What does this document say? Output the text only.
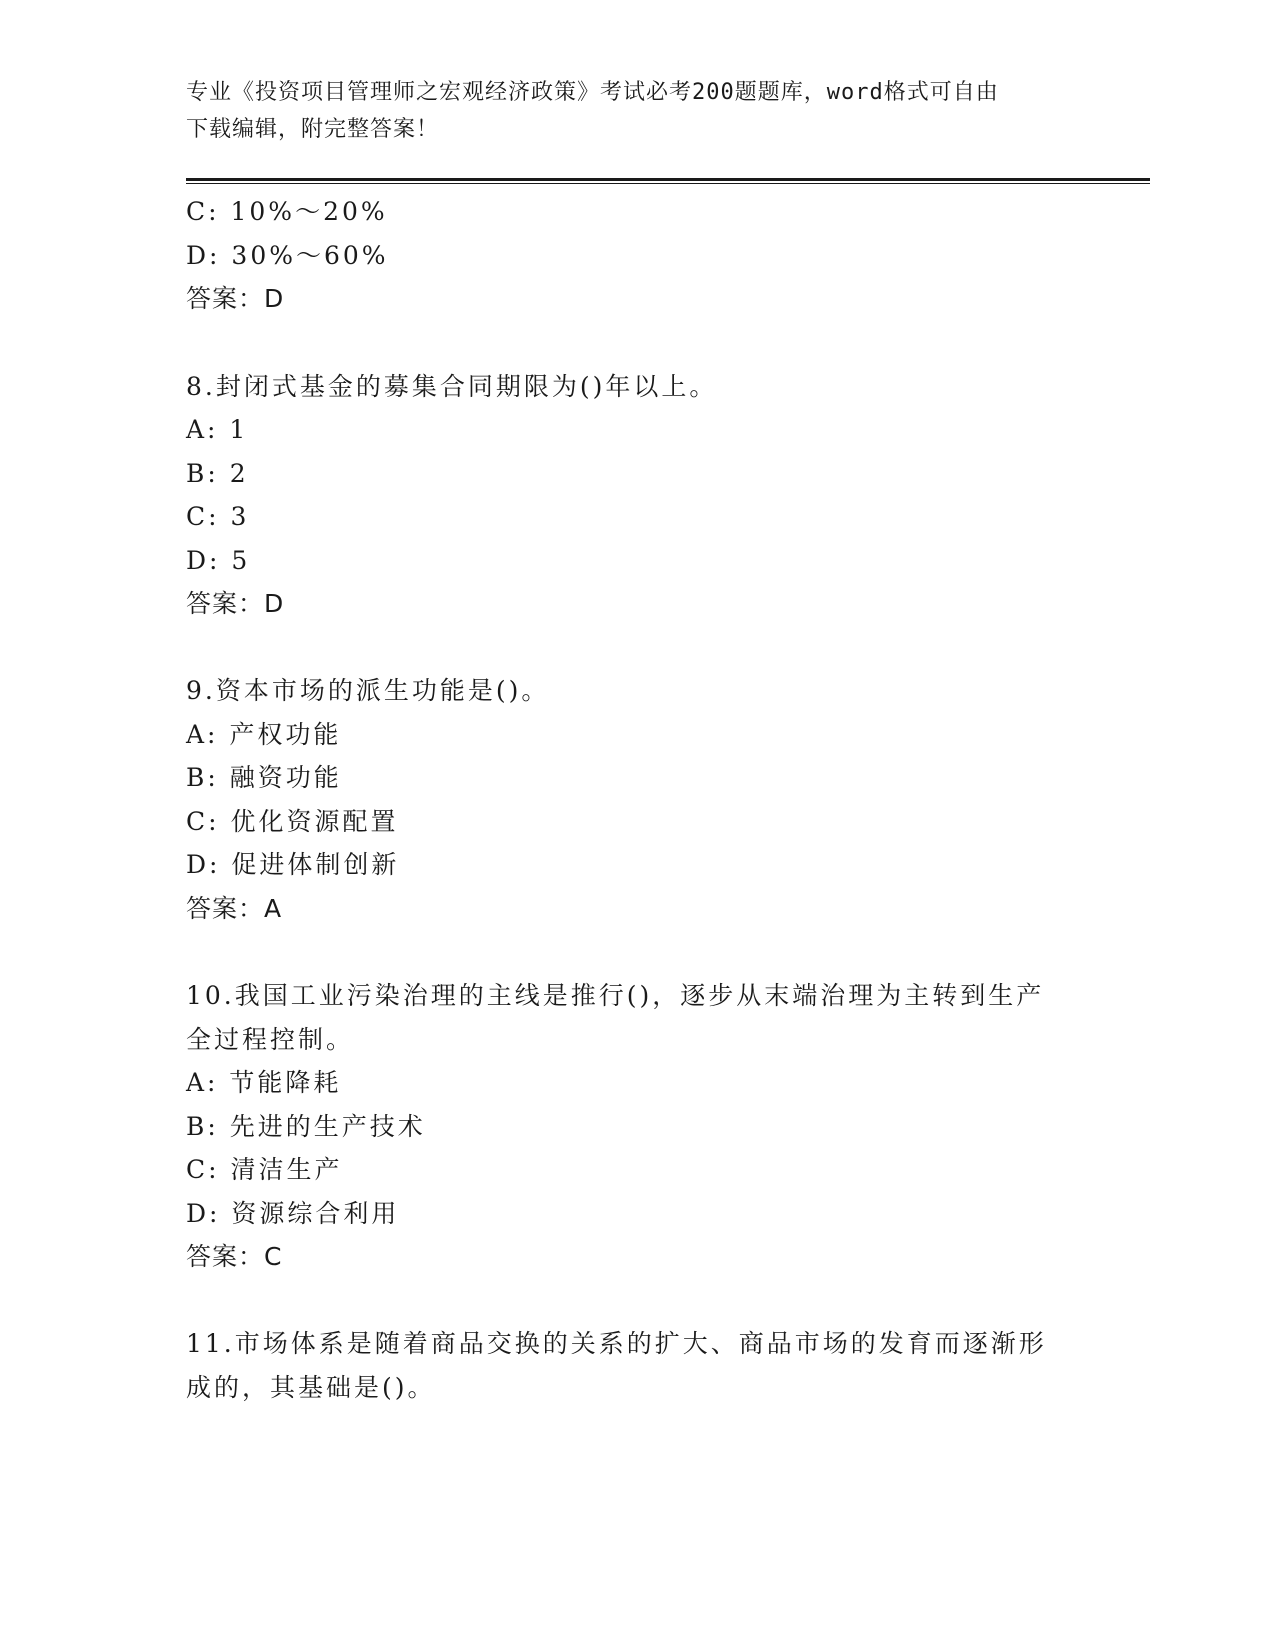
专业《投资项目管理师之宏观经济政策》考试必考200题题库，word格式可自由
下载编辑，附完整答案！
C: 10%～20%
D: 30%～60%
答案：D
8.封闭式基金的募集合同期限为()年以上。
A: 1
B: 2
C: 3
D: 5
答案：D
9.资本市场的派生功能是()。
A: 产权功能
B: 融资功能
C: 优化资源配置
D: 促进体制创新
答案：A
10.我国工业污染治理的主线是推行()，逐步从末端治理为主转到生产
全过程控制。
A: 节能降耗
B: 先进的生产技术
C: 清洁生产
D: 资源综合利用
答案：C
11.市场体系是随着商品交换的关系的扩大、商品市场的发育而逐渐形
成的，其基础是()。
